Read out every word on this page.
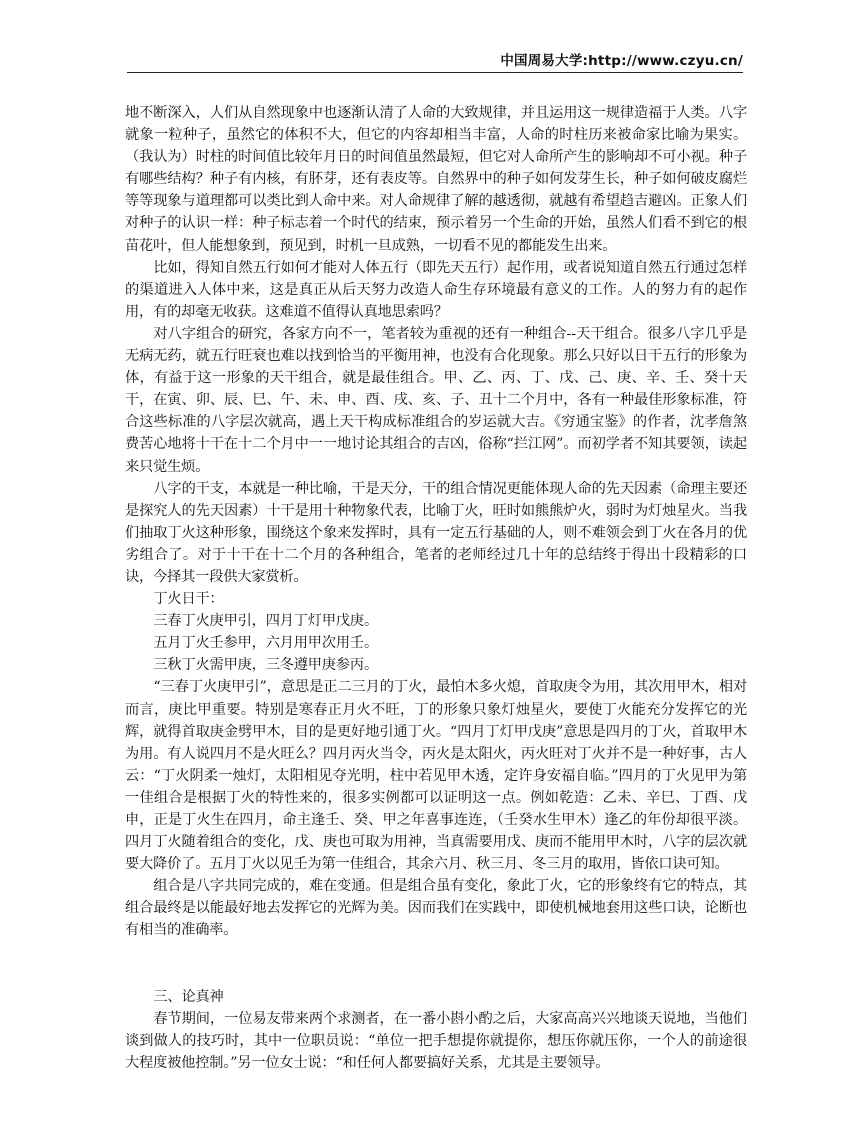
中国周易大学:http://www.czyu.cn/

地不断深入，人们从自然现象中也逐渐认清了人命的大致规律，并且运用这一规律造福于人类。八字就象一粒种子，虽然它的体积不大，但它的内容却相当丰富，人命的时柱历来被命家比喻为果实。（我认为）时柱的时间值比较年月日的时间值虽然最短，但它对人命所产生的影响却不可小视。种子有哪些结构？种子有内核，有肧芽，还有表皮等。自然界中的种子如何发芽生长，种子如何破皮腐烂等等现象与道理都可以类比到人命中来。对人命规律了解的越透彻，就越有希望趋吉避凶。正象人们对种子的认识一样：种子标志着一个时代的结束，预示着另一个生命的开始，虽然人们看不到它的根苗花叶，但人能想象到，预见到，时机一旦成熟，一切看不见的都能发生出来。

比如，得知自然五行如何才能对人体五行（即先天五行）起作用，或者说知道自然五行通过怎样的渠道进入人体中来，这是真正从后天努力改造人命生存环境最有意义的工作。人的努力有的起作用，有的却毫无收获。这难道不值得认真地思索吗？

对八字组合的研究，各家方向不一，笔者较为重视的还有一种组合--天干组合。很多八字几乎是无病无药，就五行旺衰也难以找到恰当的平衡用神，也没有合化现象。那么只好以日干五行的形象为体，有益于这一形象的天干组合，就是最佳组合。甲、乙、丙、丁、戊、己、庚、辛、壬、癸十天干，在寅、卯、辰、巳、午、未、申、酉、戌、亥、子、丑十二个月中，各有一种最佳形象标准，符合这些标准的八字层次就高，遇上天干构成标准组合的岁运就大吉。《穷通宝鉴》的作者，沈孝詹煞费苦心地将十干在十二个月中一一地讨论其组合的吉凶，俗称“拦江网”。而初学者不知其要领，读起来只觉生烦。

八字的干支，本就是一种比喻，干是天分，干的组合情况更能体现人命的先天因素（命理主要还是探究人的先天因素）十干是用十种物象代表，比喻丁火，旺时如熊熊炉火，弱时为灯烛星火。当我们抽取丁火这种形象，围绕这个象来发挥时，具有一定五行基础的人，则不难领会到丁火在各月的优劣组合了。对于十干在十二个月的各种组合，笔者的老师经过几十年的总结终于得出十段精彩的口诀，今择其一段供大家赏析。

丁火日干：

三春丁火庚甲引，四月丁灯甲戊庚。

五月丁火壬参甲，六月用甲次用壬。

三秋丁火需甲庚，三冬遵甲庚参丙。

“三春丁火庚甲引”，意思是正二三月的丁火，最怕木多火熄，首取庚令为用，其次用甲木，相对而言，庚比甲重要。特别是寒春正月火不旺，丁的形象只象灯烛星火，要使丁火能充分发挥它的光辉，就得首取庚金劈甲木，目的是更好地引通丁火。“四月丁灯甲戊庚”意思是四月的丁火，首取甲木为用。有人说四月不是火旺么？四月丙火当令，丙火是太阳火，丙火旺对丁火并不是一种好事，古人云：“丁火阴柔一烛灯，太阳相见夺光明，柱中若见甲木透，定许身安福自临。”四月的丁火见甲为第一佳组合是根据丁火的特性来的，很多实例都可以证明这一点。例如乾造：乙未、辛巳、丁酉、戊申，正是丁火生在四月，命主逢壬、癸、甲之年喜事连连，（壬癸水生甲木）逢乙的年份却很平淡。四月丁火随着组合的变化，戊、庚也可取为用神，当真需要用戊、庚而不能用甲木时，八字的层次就要大降价了。五月丁火以见壬为第一佳组合，其余六月、秋三月、冬三月的取用，皆依口诀可知。

组合是八字共同完成的，难在变通。但是组合虽有变化，象此丁火，它的形象终有它的特点，其组合最终是以能最好地去发挥它的光辉为美。因而我们在实践中，即使机械地套用这些口诀，论断也有相当的准确率。

三、论真神

春节期间，一位易友带来两个求测者，在一番小斟小酌之后，大家高高兴兴地谈天说地，当他们谈到做人的技巧时，其中一位职员说：“单位一把手想提你就提你，想压你就压你，一个人的前途很大程度被他控制。”另一位女士说：“和任何人都要搞好关系，尤其是主要领导。
